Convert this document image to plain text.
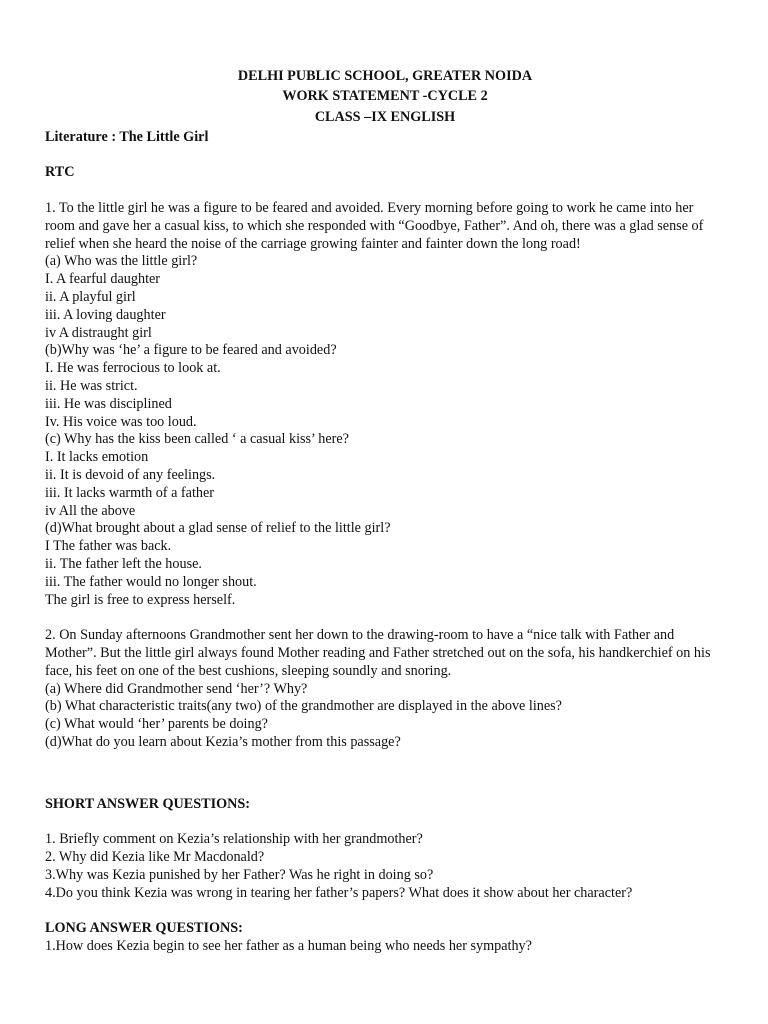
DELHI PUBLIC SCHOOL, GREATER NOIDA
WORK STATEMENT -CYCLE 2
CLASS –IX ENGLISH
Literature : The Little Girl
RTC
1. To the little girl he was a figure to be feared and avoided. Every morning before going to work he came into her room and gave her a casual kiss, to which she responded with “Goodbye, Father”. And oh, there was a glad sense of relief when she heard the noise of the carriage growing fainter and fainter down the long road!
(a) Who was the little girl?
I. A fearful daughter
ii. A playful girl
iii. A loving daughter
iv A distraught girl
(b)Why was ‘he’ a figure to be feared and avoided?
I. He was ferrocious to look at.
ii. He was strict.
iii. He was disciplined
Iv. His voice was too loud.
(c) Why has the kiss been called ‘ a casual kiss’ here?
I. It lacks emotion
ii. It is devoid of any feelings.
iii. It lacks warmth of a father
iv All the above
(d)What brought about a glad sense of relief to the little girl?
I The father was back.
ii. The father left the house.
iii. The father would no longer shout.
The girl is free to express herself.
2. On Sunday afternoons Grandmother sent her down to the drawing-room to have a “nice talk with Father and Mother”. But the little girl always found Mother reading and Father stretched out on the sofa, his handkerchief on his face, his feet on one of the best cushions, sleeping soundly and snoring.
(a) Where did Grandmother send ‘her’? Why?
(b) What characteristic traits(any two) of the grandmother are displayed in the above lines?
(c) What would ‘her’ parents be doing?
(d)What do you learn about Kezia’s mother from this passage?
SHORT ANSWER QUESTIONS:
1. Briefly comment on Kezia’s relationship with her grandmother?
2. Why did Kezia like Mr Macdonald?
3.Why was Kezia punished by her Father? Was he right in doing so?
4.Do you think Kezia was wrong in tearing her father’s papers? What does it show about her character?
LONG ANSWER QUESTIONS:
1.How does Kezia begin to see her father as a human being who needs her sympathy?
